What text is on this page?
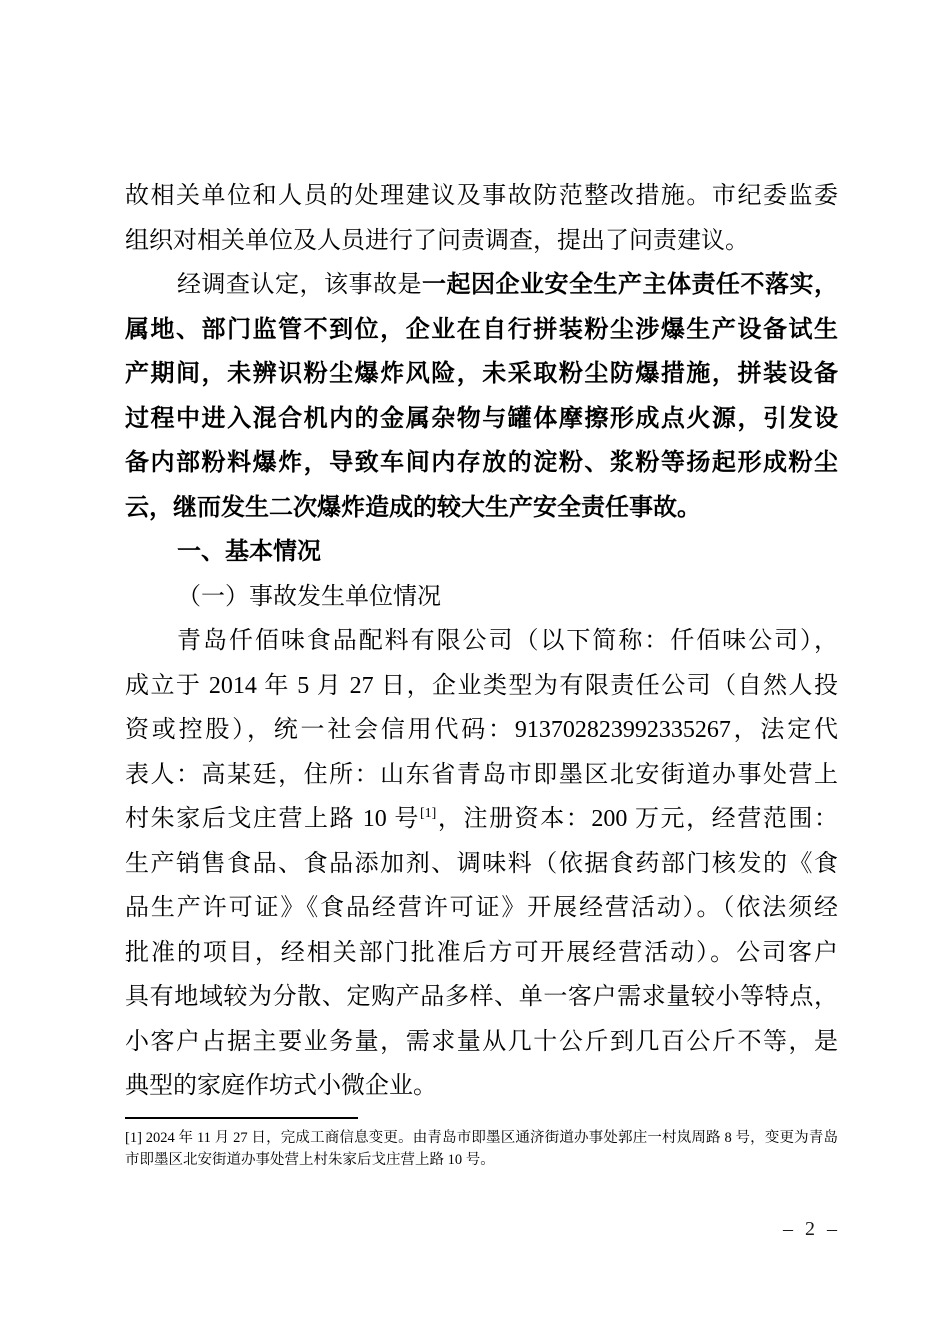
故相关单位和人员的处理建议及事故防范整改措施。市纪委监委
组织对相关单位及人员进行了问责调查，提出了问责建议。
经调查认定，该事故是一起因企业安全生产主体责任不落实，
属地、部门监管不到位，企业在自行拼装粉尘涉爆生产设备试生
产期间，未辨识粉尘爆炸风险，未采取粉尘防爆措施，拼装设备
过程中进入混合机内的金属杂物与罐体摩擦形成点火源，引发设
备内部粉料爆炸，导致车间内存放的淀粉、浆粉等扬起形成粉尘
云，继而发生二次爆炸造成的较大生产安全责任事故。
一、基本情况
（一）事故发生单位情况
青岛仟佰味食品配料有限公司（以下简称：仟佰味公司），
成立于 2014 年 5 月 27 日，企业类型为有限责任公司（自然人投
资或控股），统一社会信用代码：913702823992335267，法定代
表人：高某廷，住所：山东省青岛市即墨区北安街道办事处营上
村朱家后戈庄营上路 10 号[1]，注册资本：200 万元，经营范围：
生产销售食品、食品添加剂、调味料（依据食药部门核发的《食
品生产许可证》《食品经营许可证》开展经营活动）。（依法须经
批准的项目，经相关部门批准后方可开展经营活动）。公司客户
具有地域较为分散、定购产品多样、单一客户需求量较小等特点，
小客户占据主要业务量，需求量从几十公斤到几百公斤不等，是
典型的家庭作坊式小微企业。
[1] 2024 年 11 月 27 日，完成工商信息变更。由青岛市即墨区通济街道办事处郭庄一村岚周路 8 号，变更为青岛
市即墨区北安街道办事处营上村朱家后戈庄营上路 10 号。
– 2 –
